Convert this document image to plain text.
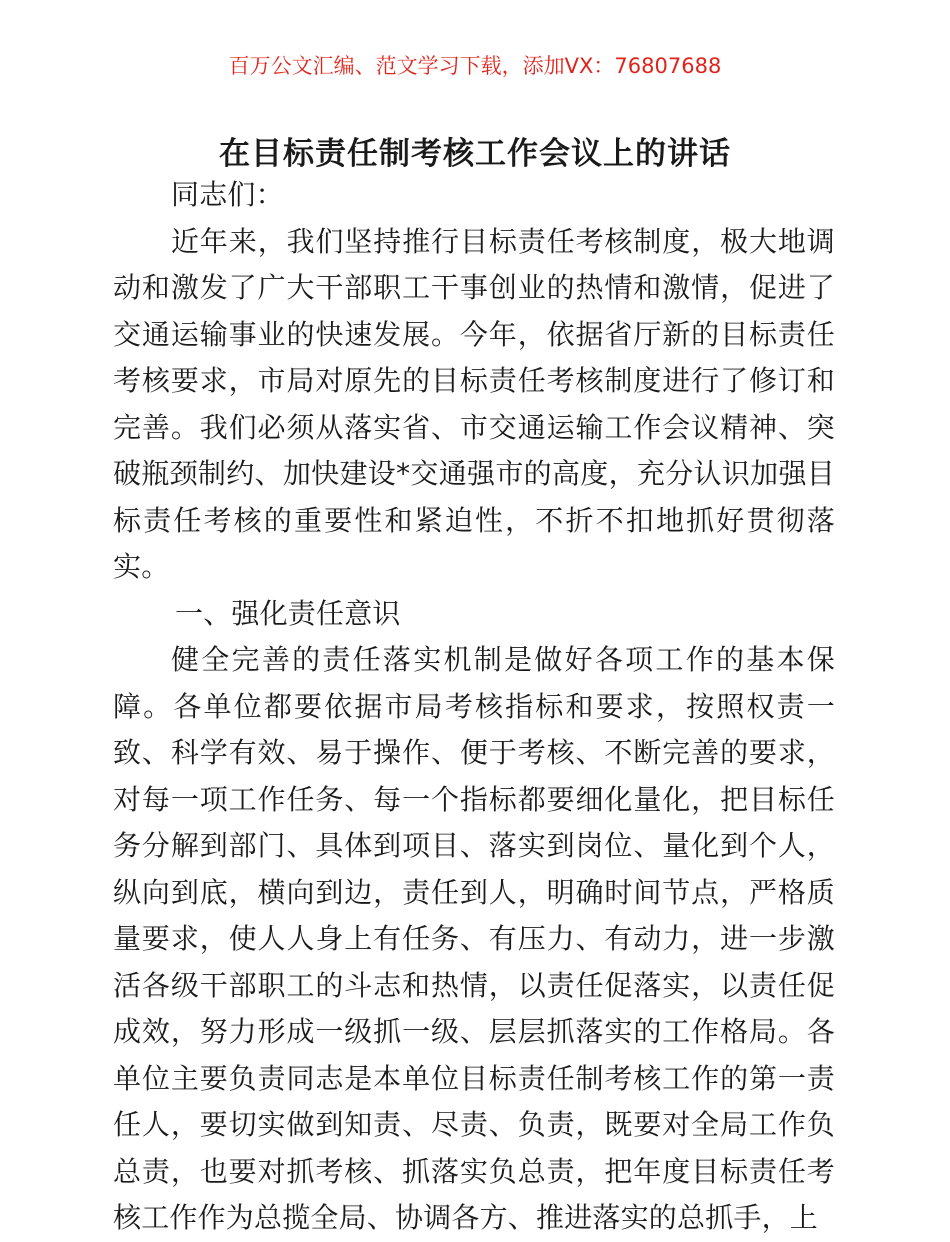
百万公文汇编、范文学习下载，添加VX：76807688
在目标责任制考核工作会议上的讲话

同志们：

近年来，我们坚持推行目标责任考核制度，极大地调动和激发了广大干部职工干事创业的热情和激情，促进了交通运输事业的快速发展。今年，依据省厅新的目标责任考核要求，市局对原先的目标责任考核制度进行了修订和完善。我们必须从落实省、市交通运输工作会议精神、突破瓶颈制约、加快建设*交通强市的高度，充分认识加强目标责任考核的重要性和紧迫性，不折不扣地抓好贯彻落实。

一、强化责任意识

健全完善的责任落实机制是做好各项工作的基本保障。各单位都要依据市局考核指标和要求，按照权责一致、科学有效、易于操作、便于考核、不断完善的要求，对每一项工作任务、每一个指标都要细化量化，把目标任务分解到部门、具体到项目、落实到岗位、量化到个人，纵向到底，横向到边，责任到人，明确时间节点，严格质量要求，使人人身上有任务、有压力、有动力，进一步激活各级干部职工的斗志和热情，以责任促落实，以责任促成效，努力形成一级抓一级、层层抓落实的工作格局。各单位主要负责同志是本单位目标责任制考核工作的第一责任人，要切实做到知责、尽责、负责，既要对全局工作负总责，也要对抓考核、抓落实负总责，把年度目标责任考核工作作为总揽全局、协调各方、推进落实的总抓手，上
